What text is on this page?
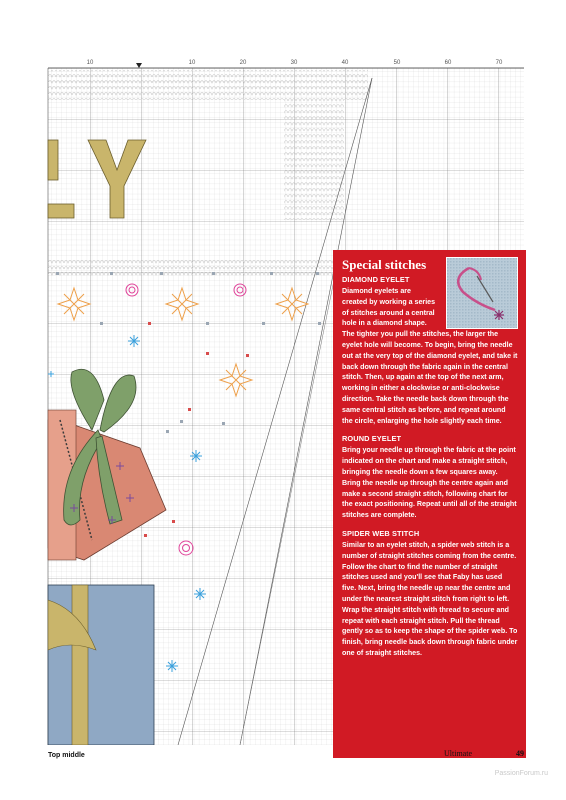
10	10	20	30	40	50	60	70
Special stitches
DIAMOND EYELET
Diamond eyelets are created by working a series of stitches around a central hole in a diamond shape.
The tighter you pull the stitches, the larger the eyelet hole will become. To begin, bring the needle out at the very top of the diamond eyelet, and take it back down through the fabric again in the central stitch. Then, up again at the top of the next arm, working in either a clockwise or anti-clockwise direction. Take the needle back down through the same central stitch as before, and repeat around the circle, enlarging the hole slightly each time.
ROUND EYELET
Bring your needle up through the fabric at the point indicated on the chart and make a straight stitch, bringing the needle down a few squares away. Bring the needle up through the centre again and make a second straight stitch, following chart for the exact positioning. Repeat until all of the straight stitches are complete.
SPIDER WEB STITCH
Similar to an eyelet stitch, a spider web stitch is a number of straight stitches coming from the centre. Follow the chart to find the number of straight stitches used and you'll see that Faby has used five. Next, bring the needle up near the centre and under the nearest straight stitch from right to left. Wrap the straight stitch with thread to secure and repeat with each straight stitch. Pull the thread gently so as to keep the shape of the spider web. To finish, bring needle back down through fabric under one of straight stitches.
Top middle	Ultimate Christmas 49
PassionForum.ru
